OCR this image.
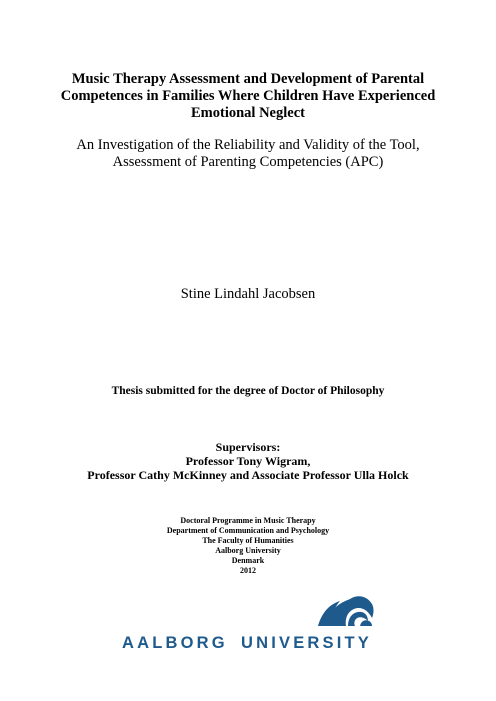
Music Therapy Assessment and Development of Parental
Competences in Families Where Children Have Experienced
Emotional Neglect
An Investigation of the Reliability and Validity of the Tool,
Assessment of Parenting Competencies (APC)
Stine Lindahl Jacobsen
Thesis submitted for the degree of Doctor of Philosophy
Supervisors:
Professor Tony Wigram,
Professor Cathy McKinney and Associate Professor Ulla Holck
Doctoral Programme in Music Therapy
Department of Communication and Psychology
The Faculty of Humanities
Aalborg University
Denmark
2012
AALBORG UNIVERSITY
